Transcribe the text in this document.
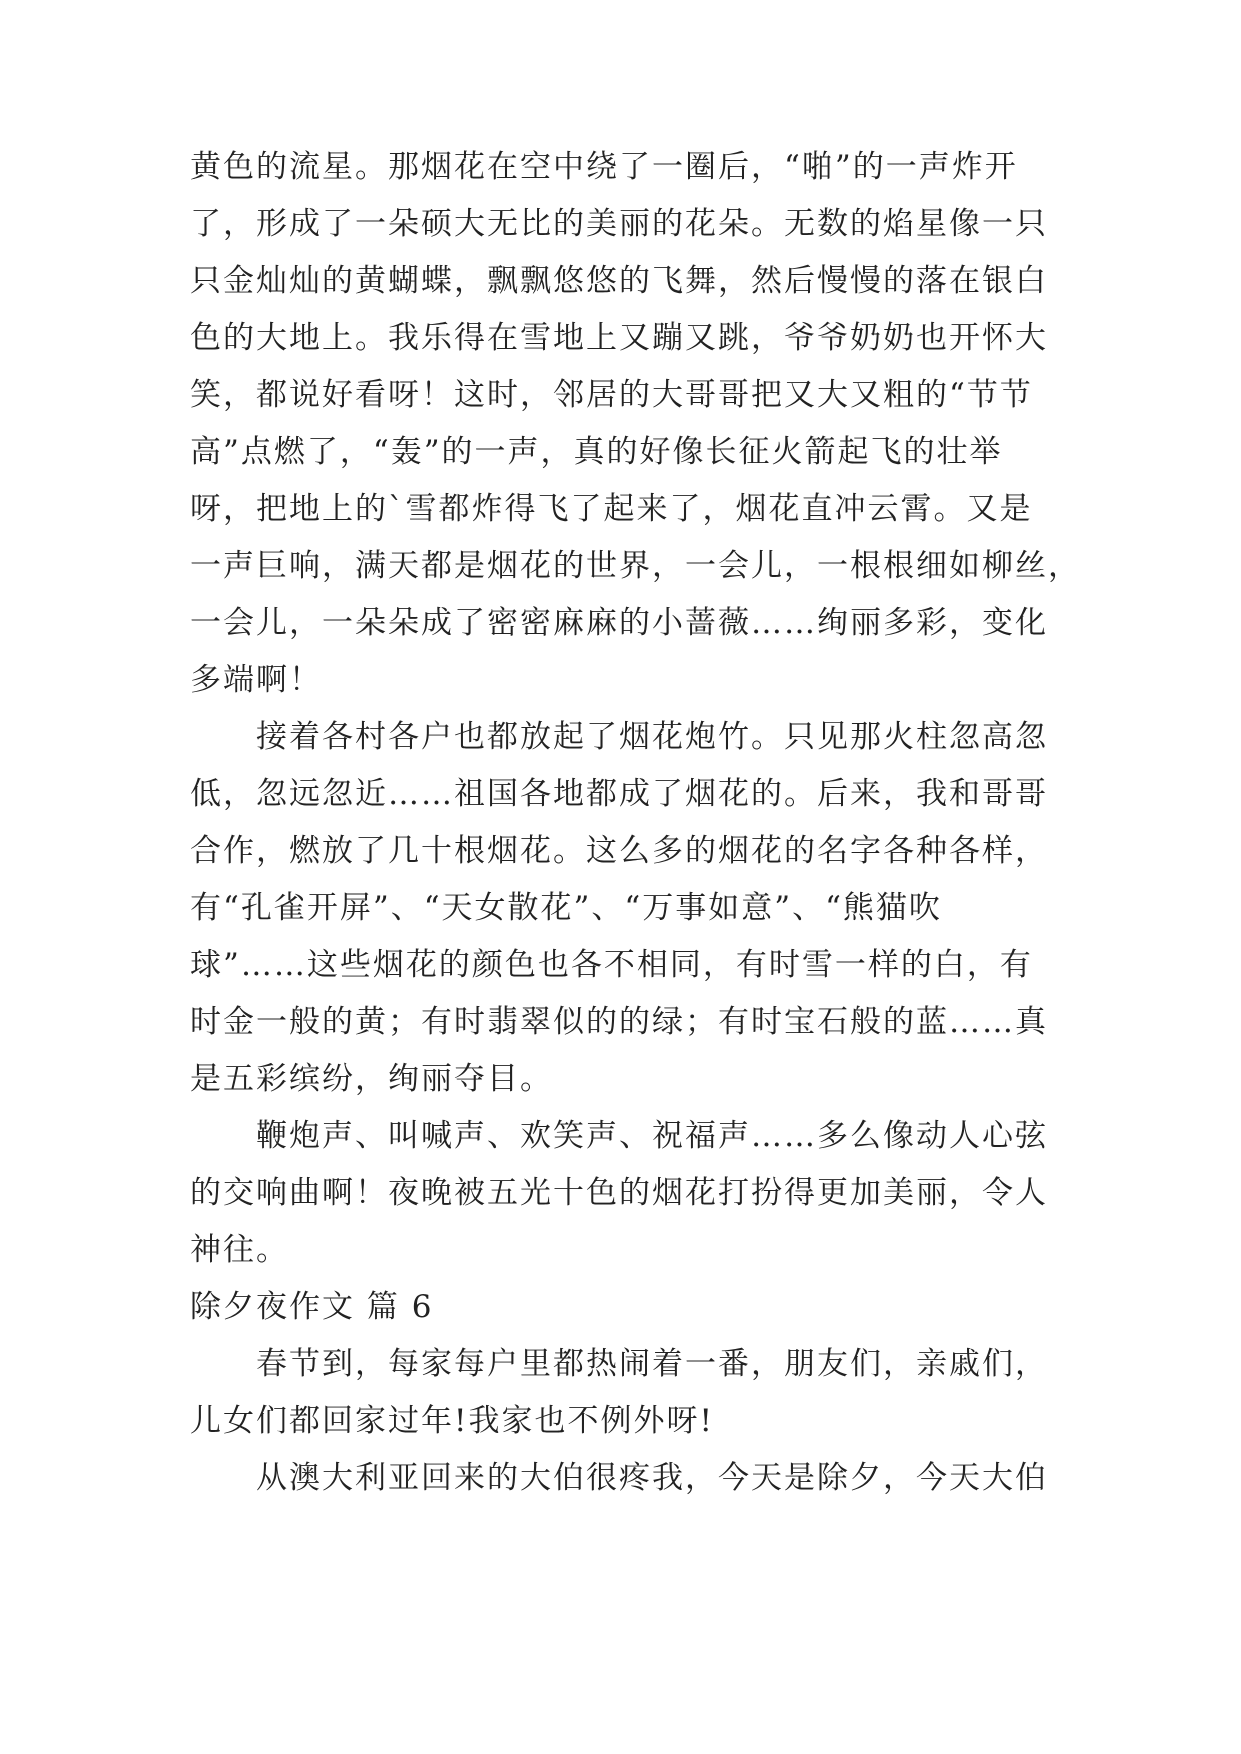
黄色的流星。那烟花在空中绕了一圈后，“啪”的一声炸开
了，形成了一朵硕大无比的美丽的花朵。无数的焰星像一只
只金灿灿的黄蝴蝶，飘飘悠悠的飞舞，然后慢慢的落在银白
色的大地上。我乐得在雪地上又蹦又跳，爷爷奶奶也开怀大
笑，都说好看呀！这时，邻居的大哥哥把又大又粗的“节节
高”点燃了，“轰”的一声，真的好像长征火箭起飞的壮举
呀，把地上的`雪都炸得飞了起来了，烟花直冲云霄。又是
一声巨响，满天都是烟花的世界，一会儿，一根根细如柳丝，
一会儿，一朵朵成了密密麻麻的小蔷薇……绚丽多彩，变化
多端啊！
接着各村各户也都放起了烟花炮竹。只见那火柱忽高忽
低，忽远忽近……祖国各地都成了烟花的。后来，我和哥哥
合作，燃放了几十根烟花。这么多的烟花的名字各种各样，
有“孔雀开屏”、“天女散花”、“万事如意”、“熊猫吹
球”……这些烟花的颜色也各不相同，有时雪一样的白，有
时金一般的黄；有时翡翠似的的绿；有时宝石般的蓝……真
是五彩缤纷，绚丽夺目。
鞭炮声、叫喊声、欢笑声、祝福声……多么像动人心弦
的交响曲啊！夜晚被五光十色的烟花打扮得更加美丽，令人
神往。
除夕夜作文 篇 6
春节到，每家每户里都热闹着一番，朋友们，亲戚们，
儿女们都回家过年!我家也不例外呀!
从澳大利亚回来的大伯很疼我，今天是除夕，今天大伯
